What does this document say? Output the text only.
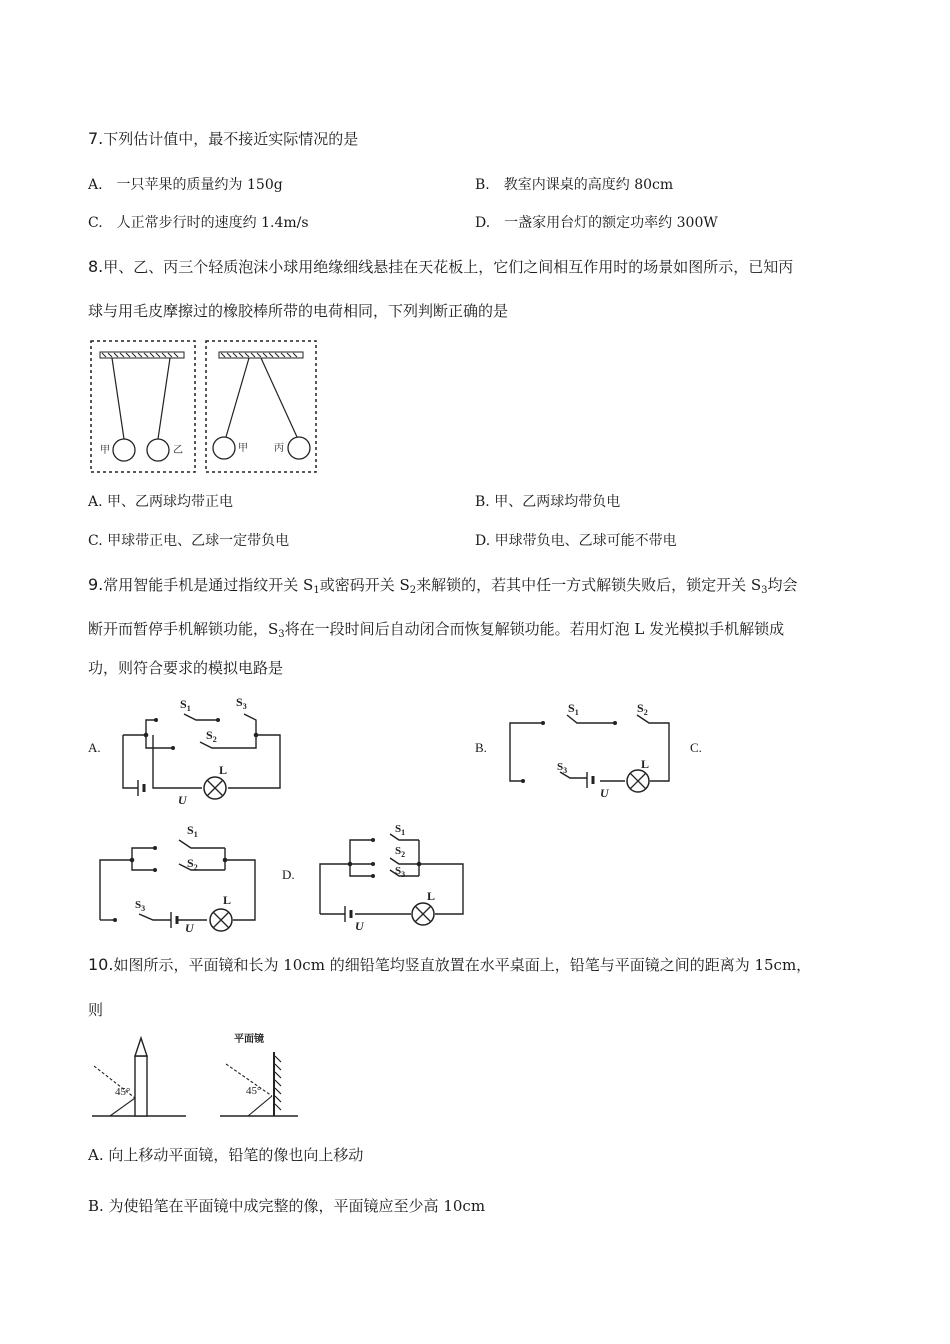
7.下列估计值中，最不接近实际情况的是
A.　一只苹果的质量约为 150g	B.　教室内课桌的高度约 80cm
C.　人正常步行时的速度约 1.4m/s	D.　一盏家用台灯的额定功率约 300W
8.甲、乙、丙三个轻质泡沫小球用绝缘细线悬挂在天花板上，它们之间相互作用时的场景如图所示，已知丙
球与用毛皮摩擦过的橡胶棒所带的电荷相同，下列判断正确的是
甲	乙	甲	丙
A. 甲、乙两球均带正电	B. 甲、乙两球均带负电
C. 甲球带正电、乙球一定带负电	D. 甲球带负电、乙球可能不带电
9.常用智能手机是通过指纹开关 $S_1$或密码开关 $S_2$来解锁的，若其中任一方式解锁失败后，锁定开关 $S_3$均会
断开而暂停手机解锁功能，$S_3$将在一段时间后自动闭合而恢复解锁功能。若用灯泡 L 发光模拟手机解锁成
功，则符合要求的模拟电路是
A.	B.	C.
D.
$S_1$	$S_3$
$S_2$
L
U
$S_1$	$S_2$
$S_3$	L
U
$S_1$
$S_2$
$S_3$
L
U
$S_1$
$S_2$
$S_3$
L
U
10.如图所示，平面镜和长为 10cm 的细铅笔均竖直放置在水平桌面上，铅笔与平面镜之间的距离为 15cm，
则
45°	45°
平面镜
A. 向上移动平面镜，铅笔的像也向上移动
B. 为使铅笔在平面镜中成完整的像，平面镜应至少高 10cm
